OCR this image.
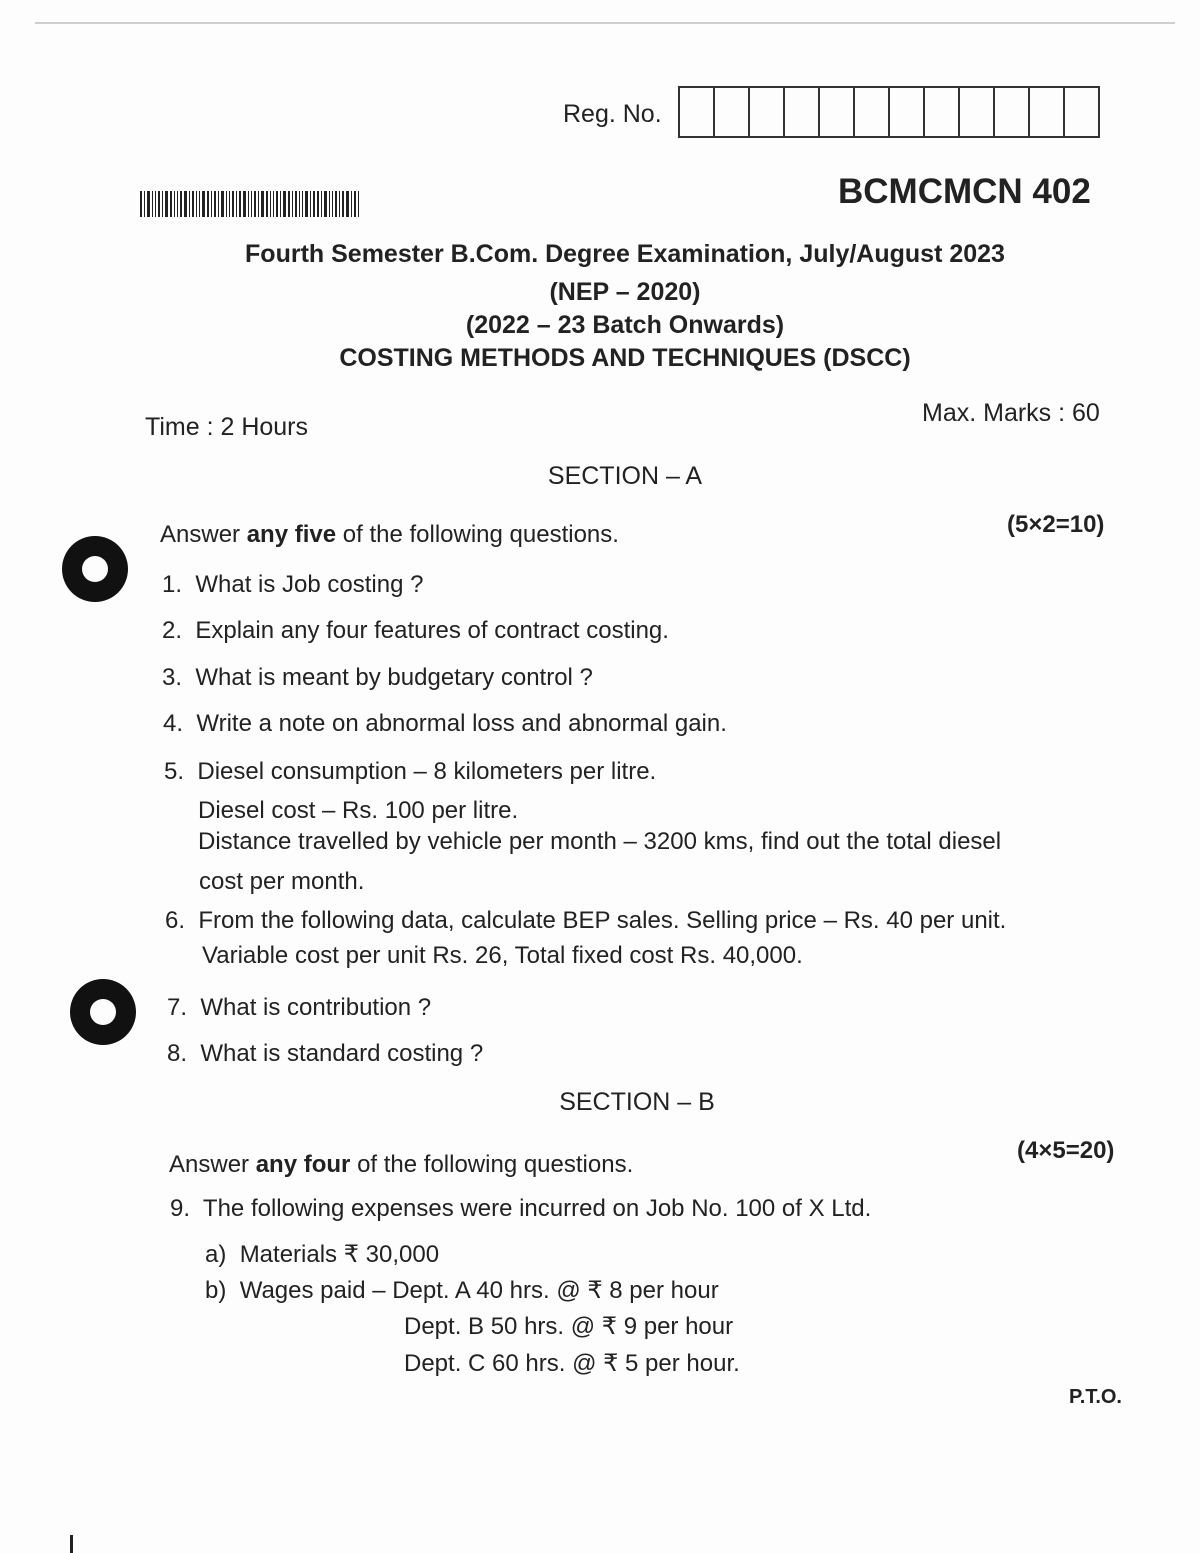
Reg. No.
BCMCMCN 402
Fourth Semester B.Com. Degree Examination, July/August 2023
(NEP – 2020)
(2022 – 23 Batch Onwards)
COSTING METHODS AND TECHNIQUES (DSCC)
Time : 2 Hours	Max. Marks : 60
SECTION – A
Answer any five of the following questions.	(5×2=10)
1. What is Job costing ?
2. Explain any four features of contract costing.
3. What is meant by budgetary control ?
4. Write a note on abnormal loss and abnormal gain.
5. Diesel consumption – 8 kilometers per litre.
Diesel cost – Rs. 100 per litre.
Distance travelled by vehicle per month – 3200 kms, find out the total diesel
cost per month.
6. From the following data, calculate BEP sales. Selling price – Rs. 40 per unit.
Variable cost per unit Rs. 26, Total fixed cost Rs. 40,000.
7. What is contribution ?
8. What is standard costing ?
SECTION – B
Answer any four of the following questions.
(4×5=20)
9. The following expenses were incurred on Job No. 100 of X Ltd.
a) Materials ₹ 30,000
b) Wages paid – Dept. A 40 hrs. @ ₹ 8 per hour
Dept. B 50 hrs. @ ₹ 9 per hour
Dept. C 60 hrs. @ ₹ 5 per hour.
P.T.O.
